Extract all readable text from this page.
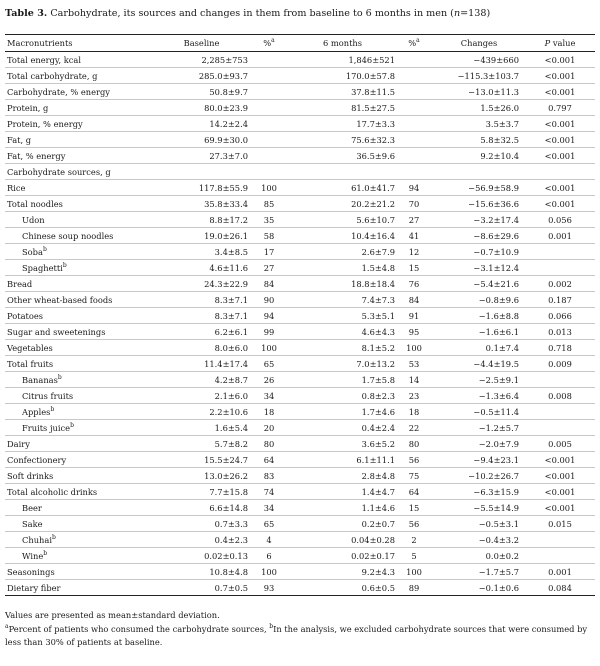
Table 3. Carbohydrate, its sources and changes in them from baseline to 6 months in men (n=138)
Macronutrients	Baseline	%$^a$	6 months	%$^a$	Changes	P value
Total energy, kcal	2,285±753		1,846±521		−439±660	<0.001
Total carbohydrate, g	285.0±93.7		170.0±57.8		−115.3±103.7	<0.001
Carbohydrate, % energy	50.8±9.7		37.8±11.5		−13.0±11.3	<0.001
Protein, g	80.0±23.9		81.5±27.5		1.5±26.0	0.797
Protein, % energy	14.2±2.4		17.7±3.3		3.5±3.7	<0.001
Fat, g	69.9±30.0		75.6±32.3		5.8±32.5	<0.001
Fat, % energy	27.3±7.0		36.5±9.6		9.2±10.4	<0.001
Carbohydrate sources, g						
Rice	117.8±55.9	100	61.0±41.7	94	−56.9±58.9	<0.001
Total noodles	35.8±33.4	85	20.2±21.2	70	−15.6±36.6	<0.001
Udon	8.8±17.2	35	5.6±10.7	27	−3.2±17.4	0.056
Chinese soup noodles	19.0±26.1	58	10.4±16.4	41	−8.6±29.6	0.001
Soba$^b$	3.4±8.5	17	2.6±7.9	12	−0.7±10.9	
Spaghetti$^b$	4.6±11.6	27	1.5±4.8	15	−3.1±12.4	
Bread	24.3±22.9	84	18.8±18.4	76	−5.4±21.6	0.002
Other wheat-based foods	8.3±7.1	90	7.4±7.3	84	−0.8±9.6	0.187
Potatoes	8.3±7.1	94	5.3±5.1	91	−1.6±8.8	0.066
Sugar and sweetenings	6.2±6.1	99	4.6±4.3	95	−1.6±6.1	0.013
Vegetables	8.0±6.0	100	8.1±5.2	100	0.1±7.4	0.718
Total fruits	11.4±17.4	65	7.0±13.2	53	−4.4±19.5	0.009
Bananas$^b$	4.2±8.7	26	1.7±5.8	14	−2.5±9.1	
Citrus fruits	2.1±6.0	34	0.8±2.3	23	−1.3±6.4	0.008
Apples$^b$	2.2±10.6	18	1.7±4.6	18	−0.5±11.4	
Fruits juice$^b$	1.6±5.4	20	0.4±2.4	22	−1.2±5.7	
Dairy	5.7±8.2	80	3.6±5.2	80	−2.0±7.9	0.005
Confectionery	15.5±24.7	64	6.1±11.1	56	−9.4±23.1	<0.001
Soft drinks	13.0±26.2	83	2.8±4.8	75	−10.2±26.7	<0.001
Total alcoholic drinks	7.7±15.8	74	1.4±4.7	64	−6.3±15.9	<0.001
Beer	6.6±14.8	34	1.1±4.6	15	−5.5±14.9	<0.001
Sake	0.7±3.3	65	0.2±0.7	56	−0.5±3.1	0.015
Chuhai$^b$	0.4±2.3	4	0.04±0.28	2	−0.4±3.2	
Wine$^b$	0.02±0.13	6	0.02±0.17	5	0.0±0.2	
Seasonings	10.8±4.8	100	9.2±4.3	100	−1.7±5.7	0.001
Dietary fiber	0.7±0.5	93	0.6±0.5	89	−0.1±0.6	0.084
Values are presented as mean±standard deviation.
$^a$Percent of patients who consumed the carbohydrate sources, $^b$In the analysis, we excluded carbohydrate sources that were consumed by less than 30% of patients at baseline.
